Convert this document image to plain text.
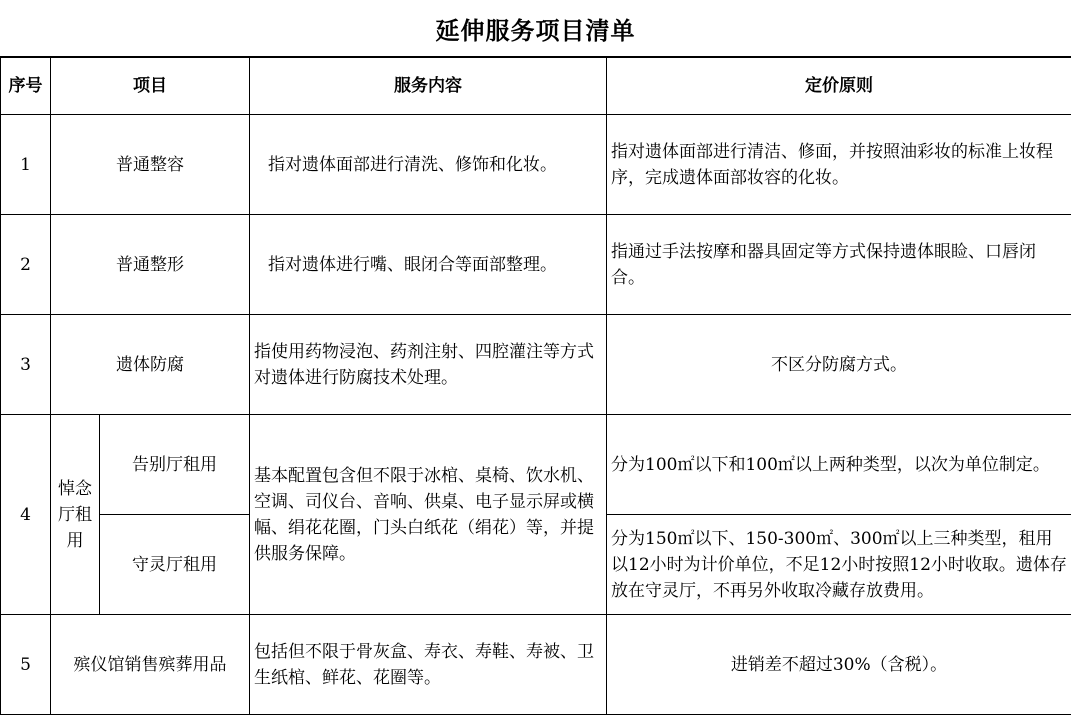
延伸服务项目清单
序号	项目		服务内容	定价原则
1	普通整容		指对遗体面部进行清洗、修饰和化妆。	指对遗体面部进行清洁、修面，并按照油彩妆的标准上妆程序，完成遗体面部妆容的化妆。
2	普通整形		指对遗体进行嘴、眼闭合等面部整理。	指通过手法按摩和器具固定等方式保持遗体眼睑、口唇闭合。
3	遗体防腐		指使用药物浸泡、药剂注射、四腔灌注等方式对遗体进行防腐技术处理。	不区分防腐方式。
4	悼念厅租用	告别厅租用	基本配置包含但不限于冰棺、桌椅、饮水机、空调、司仪台、音响、供桌、电子显示屏或横幅、绢花花圈，门头白纸花（绢花）等，并提供服务保障。	分为100㎡以下和100㎡以上两种类型，以次为单位制定。
		守灵厅租用		分为150㎡以下、150-300㎡、300㎡以上三种类型，租用以12小时为计价单位，不足12小时按照12小时收取。遗体存放在守灵厅，不再另外收取冷藏存放费用。
5	殡仪馆销售殡葬用品		包括但不限于骨灰盒、寿衣、寿鞋、寿被、卫生纸棺、鲜花、花圈等。	进销差不超过30%（含税）。
